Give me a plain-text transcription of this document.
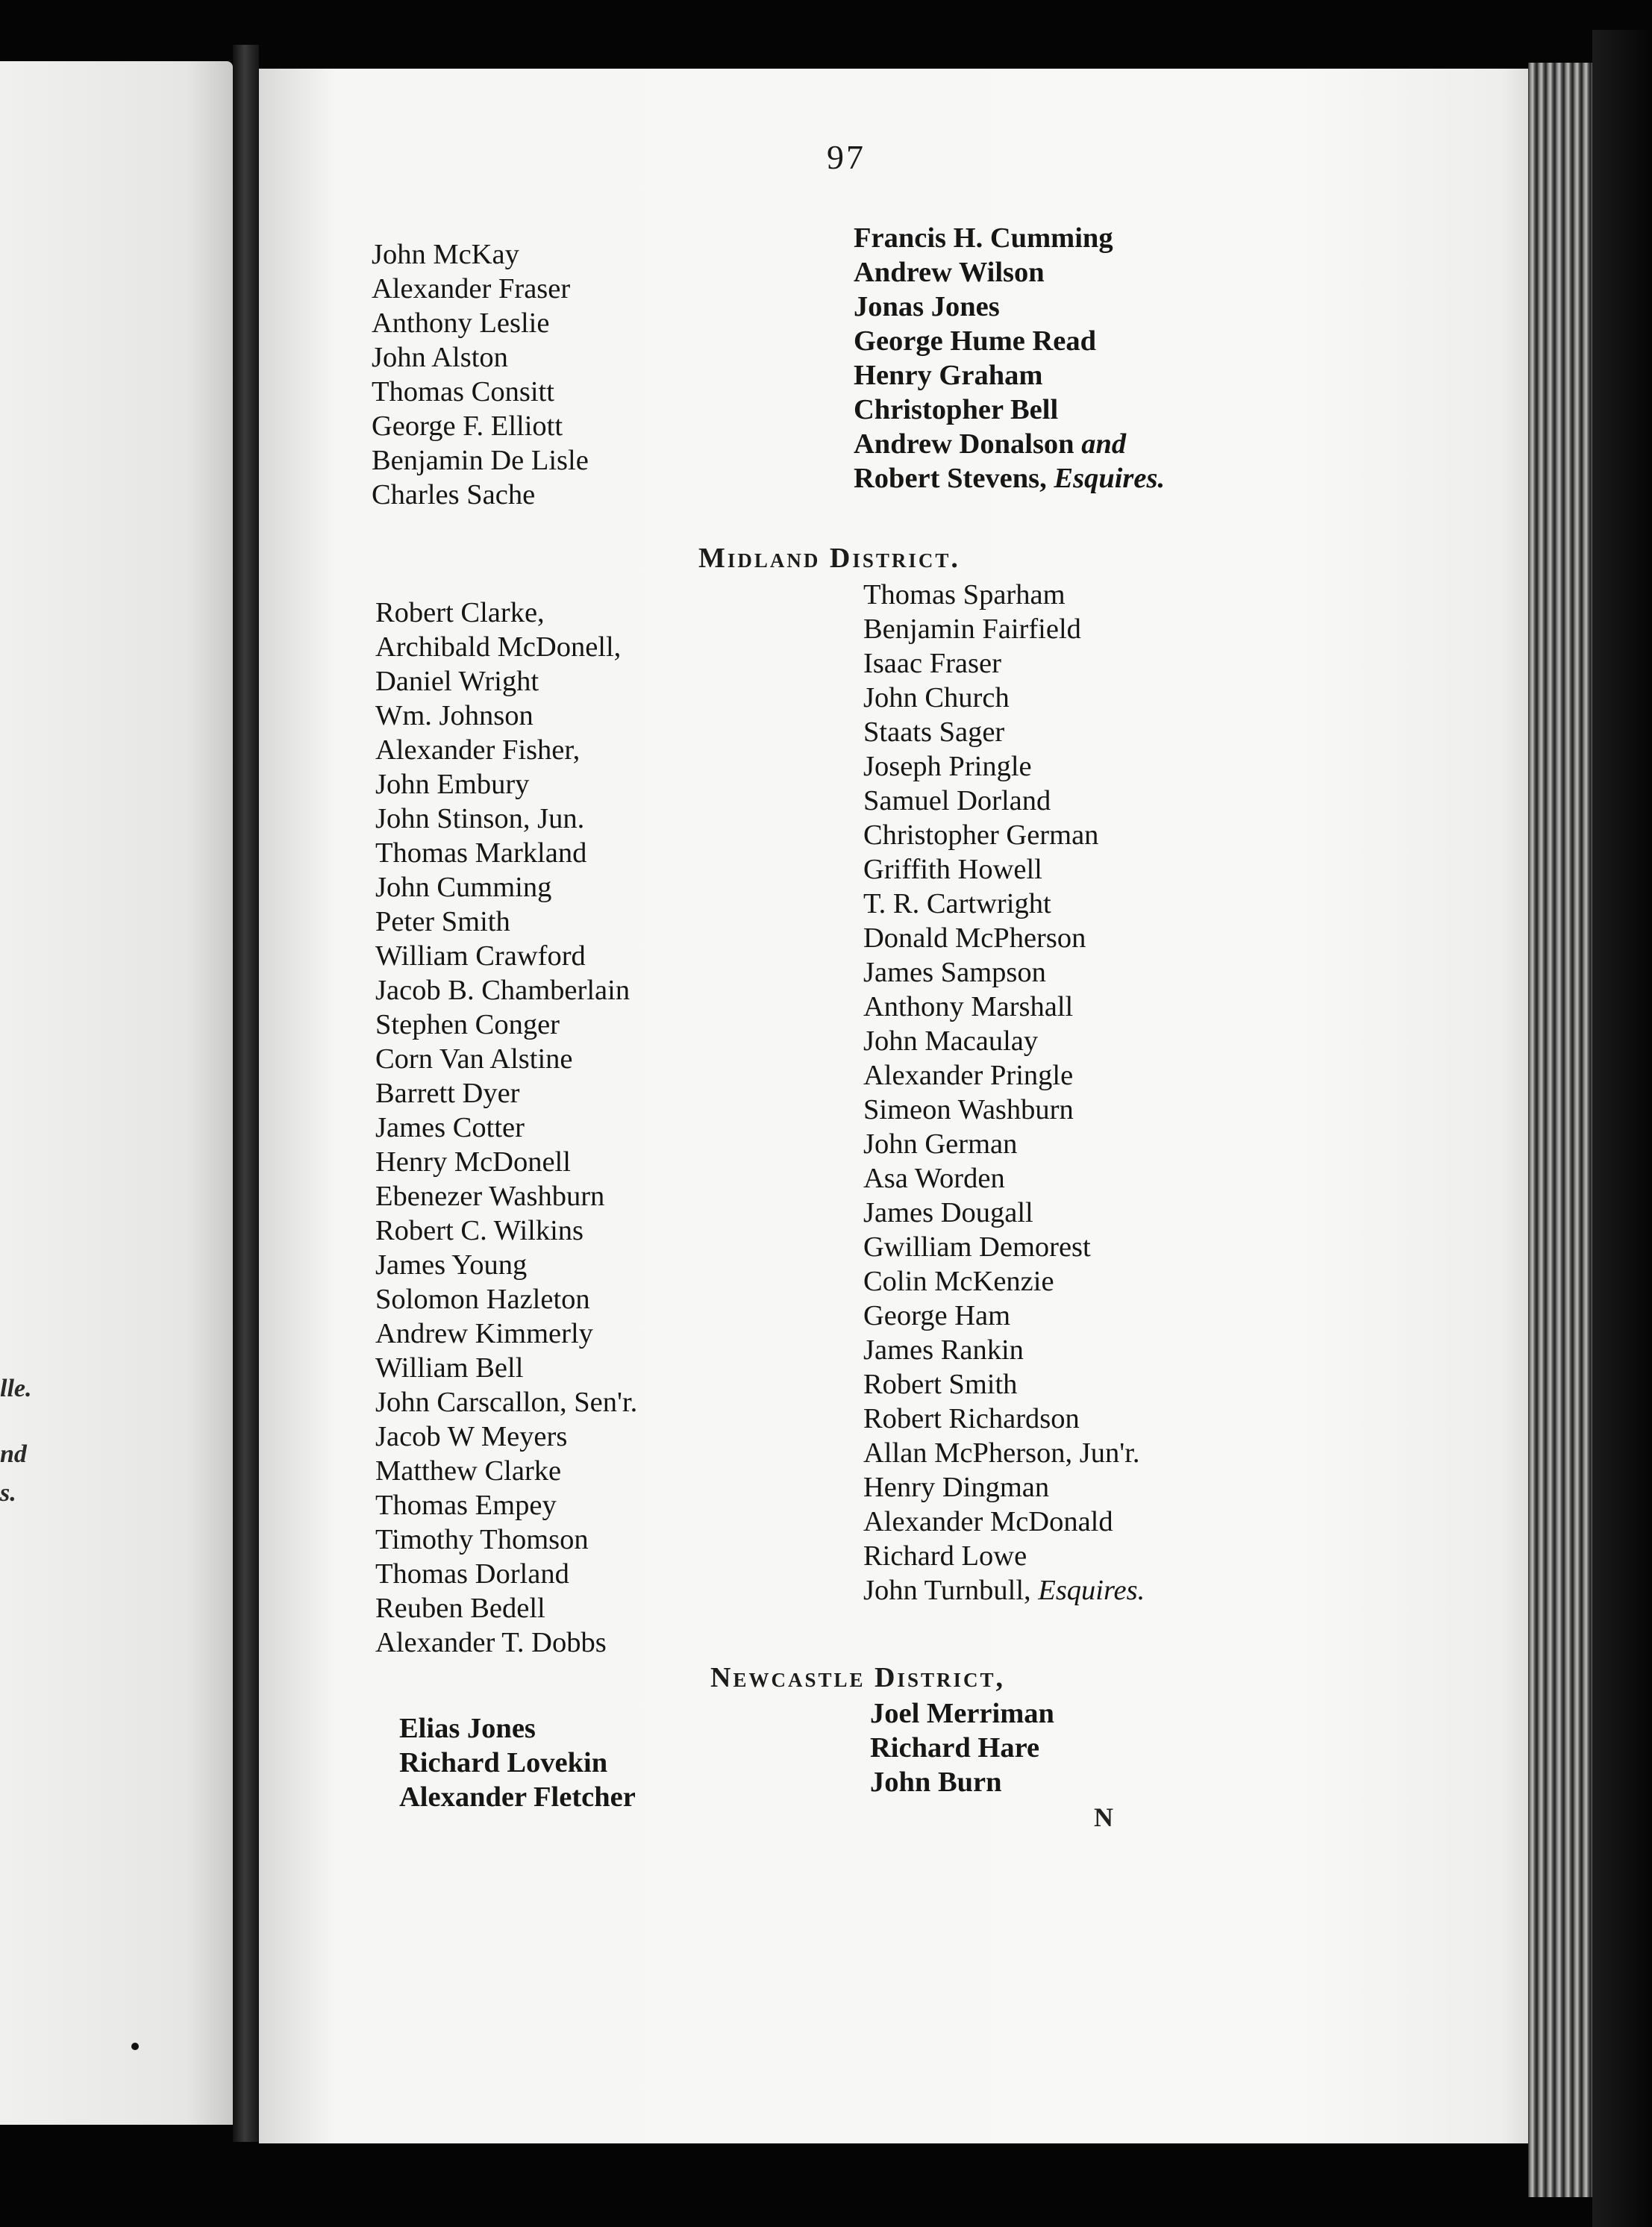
lle.
nd
s.
97
John McKay
Alexander Fraser
Anthony Leslie
John Alston
Thomas Consitt
George F. Elliott
Benjamin De Lisle
Charles Sache
Francis H. Cumming
Andrew Wilson
Jonas Jones
George Hume Read
Henry Graham
Christopher Bell
Andrew Donalson and
Robert Stevens, Esquires.
Midland District.
Robert Clarke,
Archibald McDonell,
Daniel Wright
Wm. Johnson
Alexander Fisher,
John Embury
John Stinson, Jun.
Thomas Markland
John Cumming
Peter Smith
William Crawford
Jacob B. Chamberlain
Stephen Conger
Corn Van Alstine
Barrett Dyer
James Cotter
Henry McDonell
Ebenezer Washburn
Robert C. Wilkins
James Young
Solomon Hazleton
Andrew Kimmerly
William Bell
John Carscallon, Sen'r.
Jacob W Meyers
Matthew Clarke
Thomas Empey
Timothy Thomson
Thomas Dorland
Reuben Bedell
Alexander T. Dobbs
Thomas Sparham
Benjamin Fairfield
Isaac Fraser
John Church
Staats Sager
Joseph Pringle
Samuel Dorland
Christopher German
Griffith Howell
T. R. Cartwright
Donald McPherson
James Sampson
Anthony Marshall
John Macaulay
Alexander Pringle
Simeon Washburn
John German
Asa Worden
James Dougall
Gwilliam Demorest
Colin McKenzie
George Ham
James Rankin
Robert Smith
Robert Richardson
Allan McPherson, Jun'r.
Henry Dingman
Alexander McDonald
Richard Lowe
John Turnbull, Esquires.
Newcastle District,
Elias Jones
Richard Lovekin
Alexander Fletcher
Joel Merriman
Richard Hare
John Burn
N
